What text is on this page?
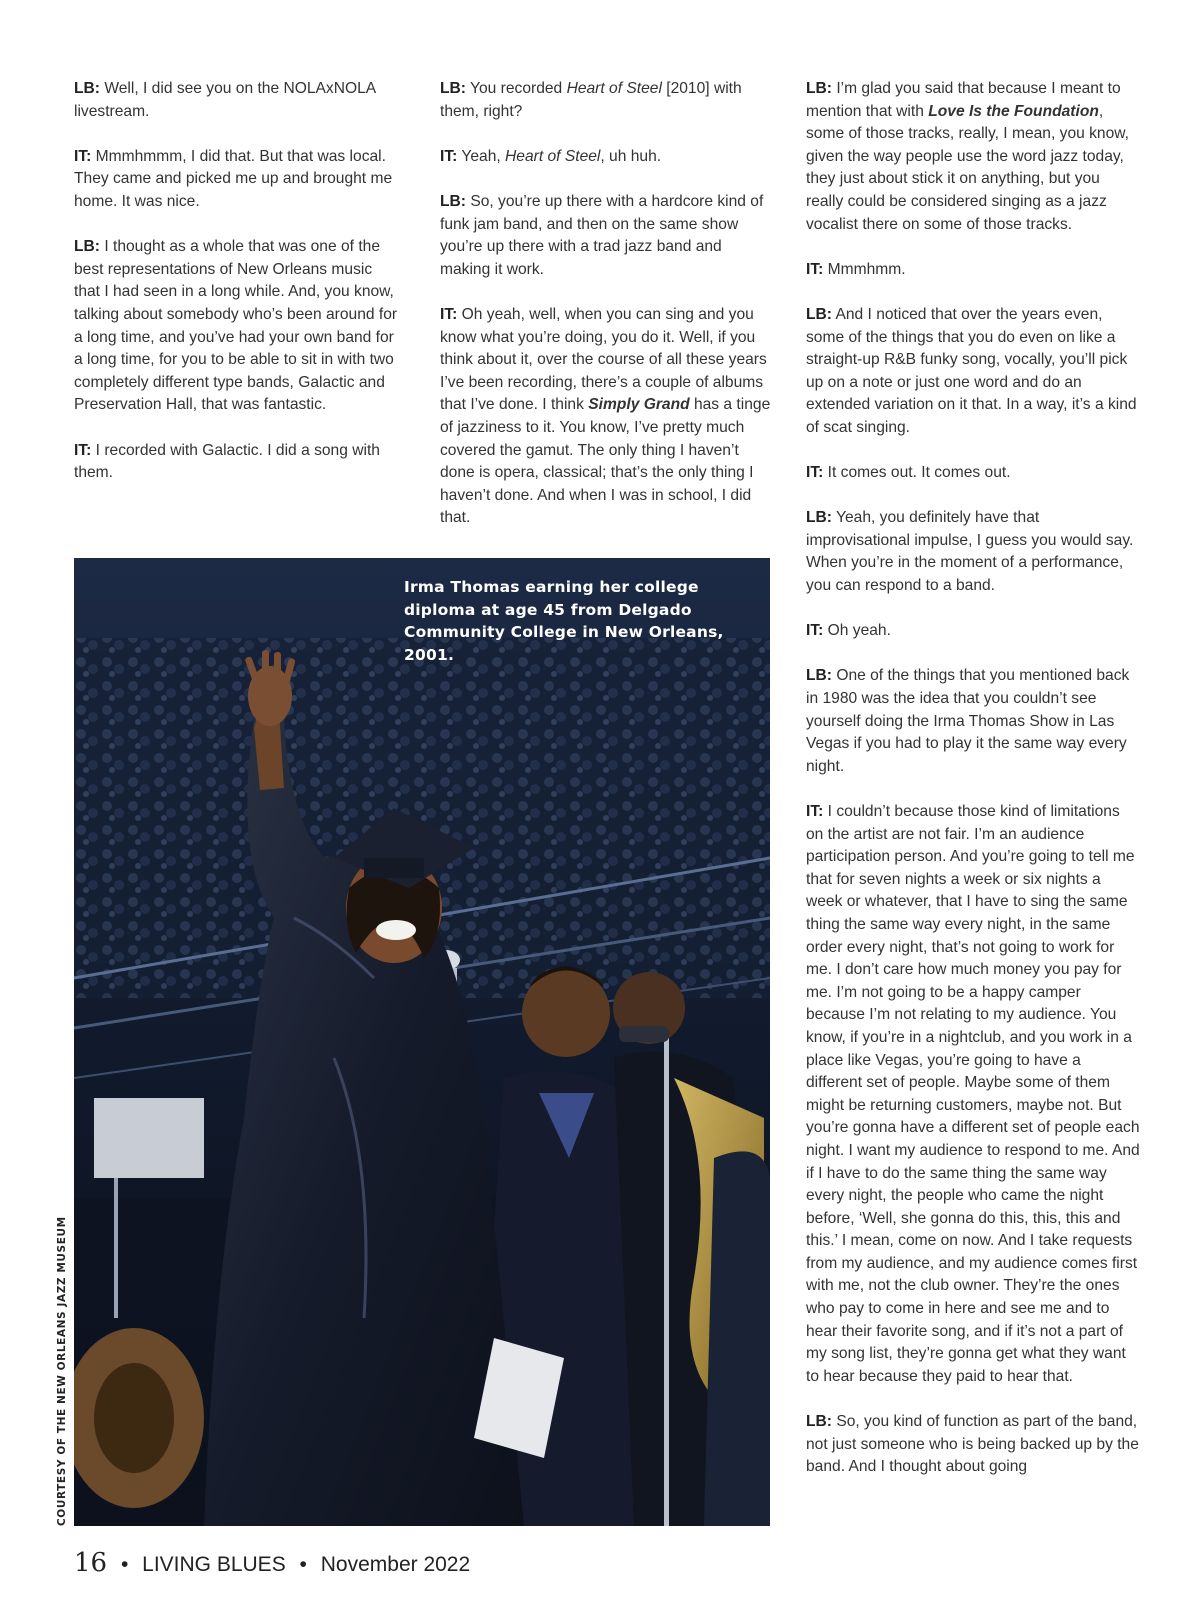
LB: Well, I did see you on the NOLAxNOLA livestream.

IT: Mmmhmmm, I did that. But that was local. They came and picked me up and brought me home. It was nice.

LB: I thought as a whole that was one of the best representations of New Orleans music that I had seen in a long while. And, you know, talking about somebody who’s been around for a long time, and you’ve had your own band for a long time, for you to be able to sit in with two completely different type bands, Galactic and Preservation Hall, that was fantastic.

IT: I recorded with Galactic. I did a song with them.

LB: You recorded Heart of Steel [2010] with them, right?

IT: Yeah, Heart of Steel, uh huh.

LB: So, you’re up there with a hardcore kind of funk jam band, and then on the same show you’re up there with a trad jazz band and making it work.

IT: Oh yeah, well, when you can sing and you know what you’re doing, you do it. Well, if you think about it, over the course of all these years I’ve been recording, there’s a couple of albums that I’ve done. I think Simply Grand has a tinge of jazziness to it. You know, I’ve pretty much covered the gamut. The only thing I haven’t done is opera, classical; that’s the only thing I haven’t done. And when I was in school, I did that.

LB: I’m glad you said that because I meant to mention that with Love Is the Foundation, some of those tracks, really, I mean, you know, given the way people use the word jazz today, they just about stick it on anything, but you really could be considered singing as a jazz vocalist there on some of those tracks.

IT: Mmmhmm.

LB: And I noticed that over the years even, some of the things that you do even on like a straight-up R&B funky song, vocally, you’ll pick up on a note or just one word and do an extended variation on it that. In a way, it’s a kind of scat singing.

IT: It comes out. It comes out.

LB: Yeah, you definitely have that improvisational impulse, I guess you would say. When you’re in the moment of a performance, you can respond to a band.

IT: Oh yeah.

LB: One of the things that you mentioned back in 1980 was the idea that you couldn’t see yourself doing the Irma Thomas Show in Las Vegas if you had to play it the same way every night.

IT: I couldn’t because those kind of limitations on the artist are not fair. I’m an audience participation person. And you’re going to tell me that for seven nights a week or six nights a week or whatever, that I have to sing the same thing the same way every night, in the same order every night, that’s not going to work for me. I don’t care how much money you pay for me. I’m not going to be a happy camper because I’m not relating to my audience. You know, if you’re in a nightclub, and you work in a place like Vegas, you’re going to have a different set of people. Maybe some of them might be returning customers, maybe not. But you’re gonna have a different set of people each night. I want my audience to respond to me. And if I have to do the same thing the same way every night, the people who came the night before, ‘Well, she gonna do this, this, this and this.’ I mean, come on now. And I take requests from my audience, and my audience comes first with me, not the club owner. They’re the ones who pay to come in here and see me and to hear their favorite song, and if it’s not a part of my song list, they’re gonna get what they want to hear because they paid to hear that.

LB: So, you kind of function as part of the band, not just someone who is being backed up by the band. And I thought about going

Irma Thomas earning her college diploma at age 45 from Delgado Community College in New Orleans, 2001.
COURTESY OF THE NEW ORLEANS JAZZ MUSEUM
16 • LIVING BLUES • November 2022
